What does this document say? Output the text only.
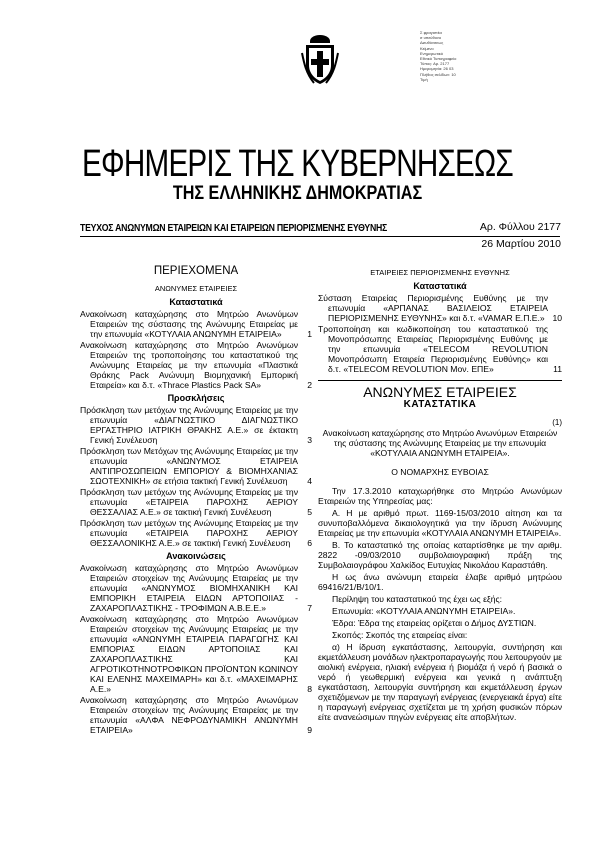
Σ φραγιστέα
σ υπεύθυνο
Διευθύνσεως
Κείμενο
Ενημερωτικό
Εθνικό Τυπογραφείο
Τύπος: Αρ. 2177
Ημερομηνία: 26 03
Πλήθος σελίδων: 10
Τιμή
ΕΦΗΜΕΡΙΣ ΤΗΣ ΚΥΒΕΡΝΗΣΕΩΣ
ΤΗΣ ΕΛΛΗΝΙΚΗΣ ΔΗΜΟΚΡΑΤΙΑΣ
ΤΕΥΧΟΣ ΑΝΩΝΥΜΩΝ ΕΤΑΙΡΕΙΩΝ ΚΑΙ ΕΤΑΙΡΕΙΩΝ ΠΕΡΙΟΡΙΣΜΕΝΗΣ ΕΥΘΥΝΗΣ	Αρ. Φύλλου 2177
26 Μαρτίου 2010
ΠΕΡΙΕΧΟΜΕΝΑ
ΑΝΩΝΥΜΕΣ ΕΤΑΙΡΕΙΕΣ
Καταστατικά
Ανακοίνωση καταχώρησης στο Μητρώο Ανωνύμων Εταιρειών της σύστασης της Ανώνυμης Εταιρείας με την επωνυμία «ΚΟΤΥΛΑΙΑ ΑΝΩΝΥΜΗ ΕΤΑΙΡΕΙΑ»	1
Ανακοίνωση καταχώρησης στο Μητρώο Ανωνύμων Εταιρειών της τροποποίησης του καταστατικού της Ανώνυμης Εταιρείας με την επωνυμία «Πλαστικά Θράκης Pack Ανώνυμη Βιομηχανική Εμπορική Εταιρεία» και δ.τ. «Thrace Plastics Pack SA»	2
Προσκλήσεις
Πρόσκληση των μετόχων της Ανώνυμης Εταιρείας με την επωνυμία «ΔΙΑΓΝΩΣΤΙΚΟ ΔΙΑΓΝΩΣΤΙΚΟ ΕΡΓΑΣΤΗΡΙΟ ΙΑΤΡΙΚΗ ΘΡΑΚΗΣ Α.Ε.» σε έκτακτη Γενική Συνέλευση	3
Πρόσκληση των Μετόχων της Ανώνυμης Εταιρείας με την επωνυμία «ΑΝΩΝΥΜΟΣ ΕΤΑΙΡΕΙΑ ΑΝΤΙΠΡΟΣΩΠΕΙΩΝ ΕΜΠΟΡΙΟΥ & ΒΙΟΜΗΧΑΝΙΑΣ ΣΩΟΤΕΧΝΙΚΗ» σε ετήσια τακτική Γενική Συνέλευση	4
Πρόσκληση των μετόχων της Ανώνυμης Εταιρείας με την επωνυμία «ΕΤΑΙΡΕΙΑ ΠΑΡΟΧΗΣ ΑΕΡΙΟΥ ΘΕΣΣΑΛΙΑΣ Α.Ε.» σε τακτική Γενική Συνέλευση	5
Πρόσκληση των μετόχων της Ανώνυμης Εταιρείας με την επωνυμία «ΕΤΑΙΡΕΙΑ ΠΑΡΟΧΗΣ ΑΕΡΙΟΥ ΘΕΣΣΑΛΟΝΙΚΗΣ Α.Ε.» σε τακτική Γενική Συνέλευση	6
Ανακοινώσεις
Ανακοίνωση καταχώρησης στο Μητρώο Ανωνύμων Εταιρειών στοιχείων της Ανώνυμης Εταιρείας με την επωνυμία «ΑΝΩΝΥΜΟΣ ΒΙΟΜΗΧΑΝΙΚΗ ΚΑΙ ΕΜΠΟΡΙΚΗ ΕΤΑΙΡΕΙΑ ΕΙΔΩΝ ΑΡΤΟΠΟΙΙΑΣ - ΖΑΧΑΡΟΠΛΑΣΤΙΚΗΣ - ΤΡΟΦΙΜΩΝ Α.Β.Ε.Ε.»	7
Ανακοίνωση καταχώρησης στο Μητρώο Ανωνύμων Εταιρειών στοιχείων της Ανώνυμης Εταιρείας με την επωνυμία «ΑΝΩΝΥΜΗ ΕΤΑΙΡΕΙΑ ΠΑΡΑΓΩΓΗΣ ΚΑΙ ΕΜΠΟΡΙΑΣ ΕΙΔΩΝ ΑΡΤΟΠΟΙΙΑΣ ΚΑΙ ΖΑΧΑΡΟΠΛΑΣΤΙΚΗΣ ΚΑΙ ΑΓΡΟΤΙΚΟΤΗΝΟΤΡΟΦΙΚΩΝ ΠΡΟΪΟΝΤΩΝ ΚΩΝΙΝΟΥ ΚΑΙ ΕΛΕΝΗΣ ΜΑΧΕΙΜΑΡΗ» και δ.τ. «ΜΑΧΕΙΜΑΡΗΣ Α.Ε.»	8
Ανακοίνωση καταχώρησης στο Μητρώο Ανωνύμων Εταιρειών στοιχείων της Ανώνυμης Εταιρείας με την επωνυμία «ΑΛΦΑ ΝΕΦΡΟΔΥΝΑΜΙΚΗ ΑΝΩΝΥΜΗ ΕΤΑΙΡΕΙΑ»	9
ΕΤΑΙΡΕΙΕΣ ΠΕΡΙΟΡΙΣΜΕΝΗΣ ΕΥΘΥΝΗΣ
Καταστατικά
Σύσταση Εταιρείας Περιορισμένης Ευθύνης με την επωνυμία «ΑΡΠΑΝΑΣ ΒΑΣΙΛΕΙΟΣ ΕΤΑΙΡΕΙΑ ΠΕΡΙΟΡΙΣΜΕΝΗΣ ΕΥΘΥΝΗΣ» και δ.τ. «VAMAR Ε.Π.Ε.» 10
Τροποποίηση και κωδικοποίηση του καταστατικού της Μονοπρόσωπης Εταιρείας Περιορισμένης Ευθύνης με την επωνυμία «TELECOM REVOLUTION Μονοπρόσωπη Εταιρεία Περιορισμένης Ευθύνης» και δ.τ. «TELECOM REVOLUTION Μον. ΕΠΕ»	11
ΑΝΩΝΥΜΕΣ ΕΤΑΙΡΕΙΕΣ
ΚΑΤΑΣΤΑΤΙΚΑ
(1)
Ανακοίνωση καταχώρησης στο Μητρώο Ανωνύμων Εταιρειών της σύστασης της Ανώνυμης Εταιρείας με την επωνυμία «ΚΟΤΥΛΑΙΑ ΑΝΩΝΥΜΗ ΕΤΑΙΡΕΙΑ».
Ο ΝΟΜΑΡΧΗΣ ΕΥΒΟΙΑΣ
Την 17.3.2010 καταχωρήθηκε στο Μητρώο Ανωνύμων Εταιρειών της Υπηρεσίας μας:
Α. Η με αριθμό πρωτ. 1169-15/03/2010 αίτηση και τα συνυποβαλλόμενα δικαιολογητικά για την ίδρυση Ανώνυμης Εταιρείας με την επωνυμία «ΚΟΤΥΛΑΙΑ ΑΝΩΝΥΜΗ ΕΤΑΙΡΕΙΑ».
Β. Το καταστατικό της οποίας καταρτίσθηκε με την αριθμ. 2822 -09/03/2010 συμβολαιογραφική πράξη της Συμβολαιογράφου Χαλκίδος Ευτυχίας Νικολάου Καραστάθη.
Η ως άνω ανώνυμη εταιρεία έλαβε αριθμό μητρώου 69416/21/Β/10/1.
Περίληψη του καταστατικού της έχει ως εξής:
Επωνυμία: «ΚΟΤΥΛΑΙΑ ΑΝΩΝΥΜΗ ΕΤΑΙΡΕΙΑ».
Έδρα: Έδρα της εταιρείας ορίζεται ο Δήμος ΔΥΣΤΙΩΝ.
Σκοπός: Σκοπός της εταιρείας είναι:
α) Η ίδρυση εγκατάστασης, λειτουργία, συντήρηση και εκμετάλλευση μονάδων ηλεκτροπαραγωγής που λειτουργούν με αιολική ενέργεια, ηλιακή ενέργεια ή βιομάζα ή νερό ή βασικά ο νερό ή γεωθερμική ενέργεια και γενικά η ανάπτυξη εγκατάσταση, λειτουργία συντήρηση και εκμετάλλευση έργων σχετιζόμενων με την παραγωγή ενέργειας (ενεργειακά έργα) είτε η παραγωγή ενέργειας σχετίζεται με τη χρήση φυσικών πόρων είτε ανανεώσιμων πηγών ενέργειας είτε αποβλήτων.
